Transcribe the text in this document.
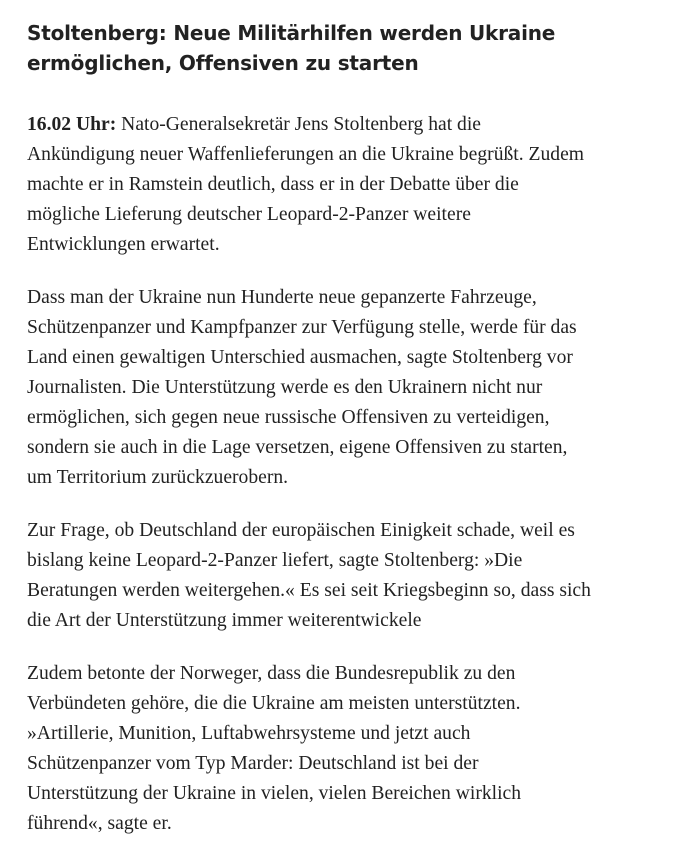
Stoltenberg: Neue Militärhilfen werden Ukraine
ermöglichen, Offensiven zu starten

16.02 Uhr: Nato-Generalsekretär Jens Stoltenberg hat die
Ankündigung neuer Waffenlieferungen an die Ukraine begrüßt. Zudem
machte er in Ramstein deutlich, dass er in der Debatte über die
mögliche Lieferung deutscher Leopard-2-Panzer weitere
Entwicklungen erwartet.

Dass man der Ukraine nun Hunderte neue gepanzerte Fahrzeuge,
Schützenpanzer und Kampfpanzer zur Verfügung stelle, werde für das
Land einen gewaltigen Unterschied ausmachen, sagte Stoltenberg vor
Journalisten. Die Unterstützung werde es den Ukrainern nicht nur
ermöglichen, sich gegen neue russische Offensiven zu verteidigen,
sondern sie auch in die Lage versetzen, eigene Offensiven zu starten,
um Territorium zurückzuerobern.

Zur Frage, ob Deutschland der europäischen Einigkeit schade, weil es
bislang keine Leopard-2-Panzer liefert, sagte Stoltenberg: »Die
Beratungen werden weitergehen.« Es sei seit Kriegsbeginn so, dass sich
die Art der Unterstützung immer weiterentwickele

Zudem betonte der Norweger, dass die Bundesrepublik zu den
Verbündeten gehöre, die die Ukraine am meisten unterstützten.
»Artillerie, Munition, Luftabwehrsysteme und jetzt auch
Schützenpanzer vom Typ Marder: Deutschland ist bei der
Unterstützung der Ukraine in vielen, vielen Bereichen wirklich
führend«, sagte er.
